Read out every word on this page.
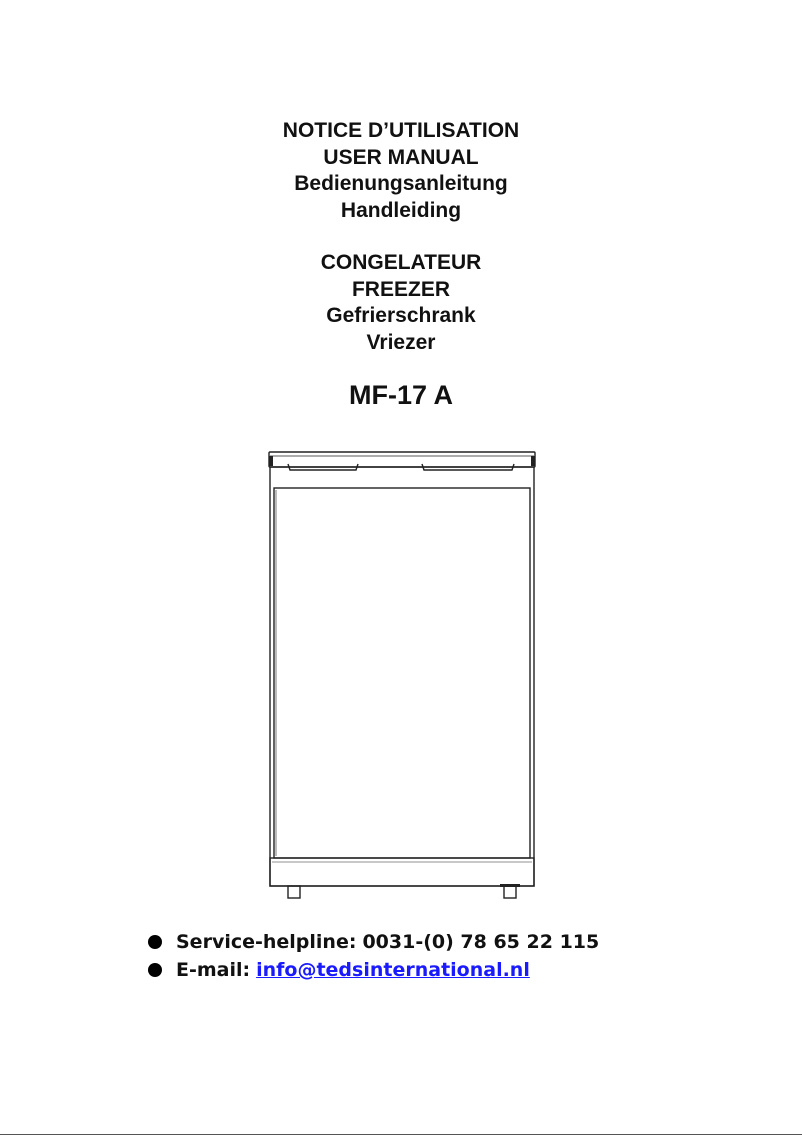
NOTICE D’UTILISATION
USER MANUAL
Bedienungsanleitung
Handleiding
CONGELATEUR
FREEZER
Gefrierschrank
Vriezer
MF-17 A
Service-helpline: 0031-(0) 78 65 22 115
E-mail: info@tedsinternational.nl
